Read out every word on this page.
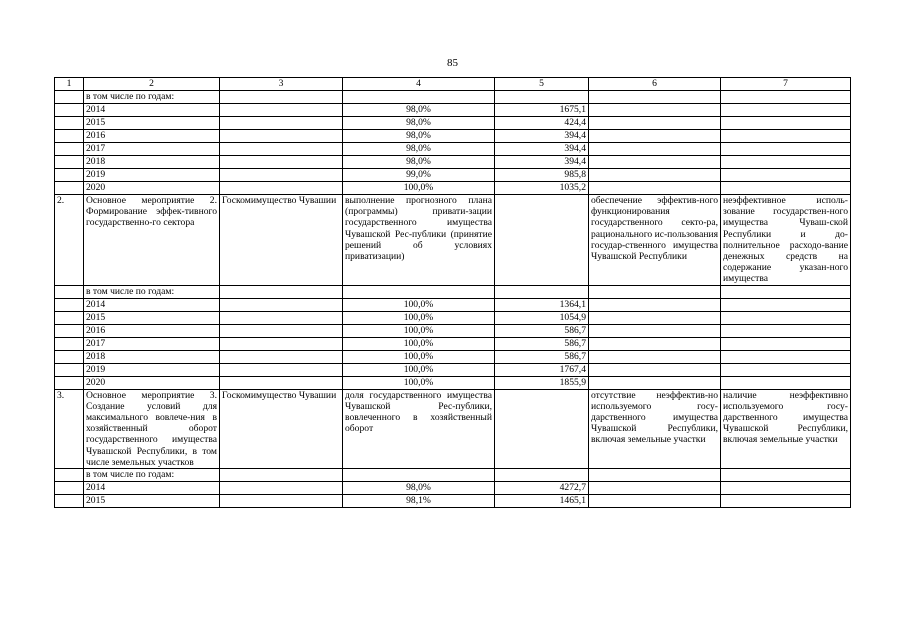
85
1	2	3	4	5	6	7
	в том числе по годам:					
	2014		98,0%	1675,1		
	2015		98,0%	424,4		
	2016		98,0%	394,4		
	2017		98,0%	394,4		
	2018		98,0%	394,4		
	2019		99,0%	985,8		
	2020		100,0%	1035,2		
2.	Основное мероприятие 2. Формирование эффек-тивного государственно-го сектора	Госкомимущество Чувашии	выполнение прогнозного плана (программы) привати-зации государственного имущества Чувашской Рес-публики (принятие решений об условиях приватизации)		обеспечение эффектив-ного функционирования государственного секто-ра, рационального ис-пользования государ-ственного имущества Чувашской Республики	неэффективное исполь-зование государствен-ного имущества Чуваш-ской Республики и до-полнительное расходо-вание денежных средств на содержание указан-ного имущества
	в том числе по годам:					
	2014		100,0%	1364,1		
	2015		100,0%	1054,9		
	2016		100,0%	586,7		
	2017		100,0%	586,7		
	2018		100,0%	586,7		
	2019		100,0%	1767,4		
	2020		100,0%	1855,9		
3.	Основное мероприятие 3. Создание условий для максимального вовлече-ния в хозяйственный оборот государственного имущества Чувашской Республики, в том числе земельных участков	Госкомимущество Чувашии	доля государственного имущества Чувашской Рес-публики, вовлеченного в хозяйственный оборот		отсутствие неэффектив-но используемого госу-дарственного имущества Чувашской Республики, включая земельные участки	наличие неэффективно используемого госу-дарственного имущества Чувашской Республики, включая земельные участки
	в том числе по годам:					
	2014		98,0%	4272,7		
	2015		98,1%	1465,1		
